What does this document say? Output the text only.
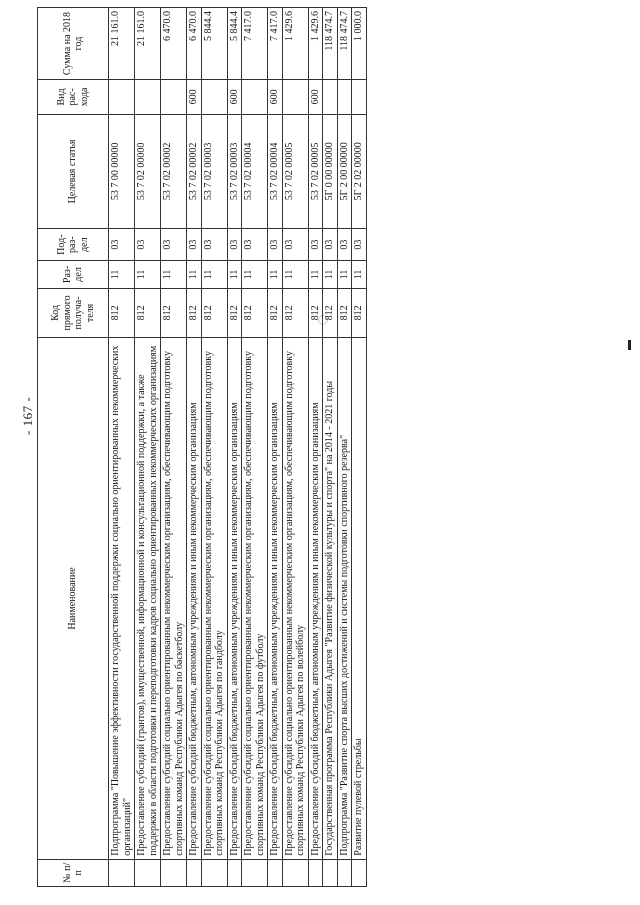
- 167 -
№ п/п	Наименование	Код прямого получа- теля	Раз- дел	Под- раз- дел	Целевая статья	Вид рас- хода	Сумма на 2018 год
	Подпрограмма "Повышение эффективности государственной поддержки социально ориентированных некоммерческих организаций"	812	11	03	53 7 00 00000		21 161.0
	Предоставление субсидий (грантов), имущественной, информационной и консультационной поддержки, а также поддержки в области подготовки и переподготовки кадров социально ориентированных некоммерческих организациям	812	11	03	53 7 02 00000		21 161.0
	Предоставление субсидий социально ориентированным некоммерческим организациям, обеспечивающим подготовку спортивных команд Республики Адыгея по баскетболу	812	11	03	53 7 02 00002		6 470.0
	Предоставление субсидий бюджетным, автономным учреждениям и иным некоммерческим организациям	812	11	03	53 7 02 00002	600	6 470.0
	Предоставление субсидий социально ориентированным некоммерческим организациям, обеспечивающим подготовку спортивных команд Республики Адыгея по гандболу	812	11	03	53 7 02 00003		5 844.4
	Предоставление субсидий бюджетным, автономным учреждениям и иным некоммерческим организациям	812	11	03	53 7 02 00003	600	5 844.4
	Предоставление субсидий социально ориентированным некоммерческим организациям, обеспечивающим подготовку спортивных команд Республики Адыгея по футболу	812	11	03	53 7 02 00004		7 417.0
	Предоставление субсидий бюджетным, автономным учреждениям и иным некоммерческим организациям	812	11	03	53 7 02 00004	600	7 417.0
	Предоставление субсидий социально ориентированным некоммерческим организациям, обеспечивающим подготовку спортивных команд Республики Адыгея по волейболу	812	11	03	53 7 02 00005		1 429.6
	Предоставление субсидий бюджетным, автономным учреждениям и иным некоммерческим организациям	812	11	03	53 7 02 00005	600	1 429.6
	Государственная программа Республики Адыгея "Развитие физической культуры и спорта" на 2014 - 2021 годы	812	11	03	5Г 0 00 00000		118 474.7
	Подпрограмма "Развитие спорта высших достижений и системы подготовки спортивного резерва"	812	11	03	5Г 2 00 00000		118 474.7
	Развитие пулевой стрельбы	812	11	03	5Г 2 02 00000		1 000.0
